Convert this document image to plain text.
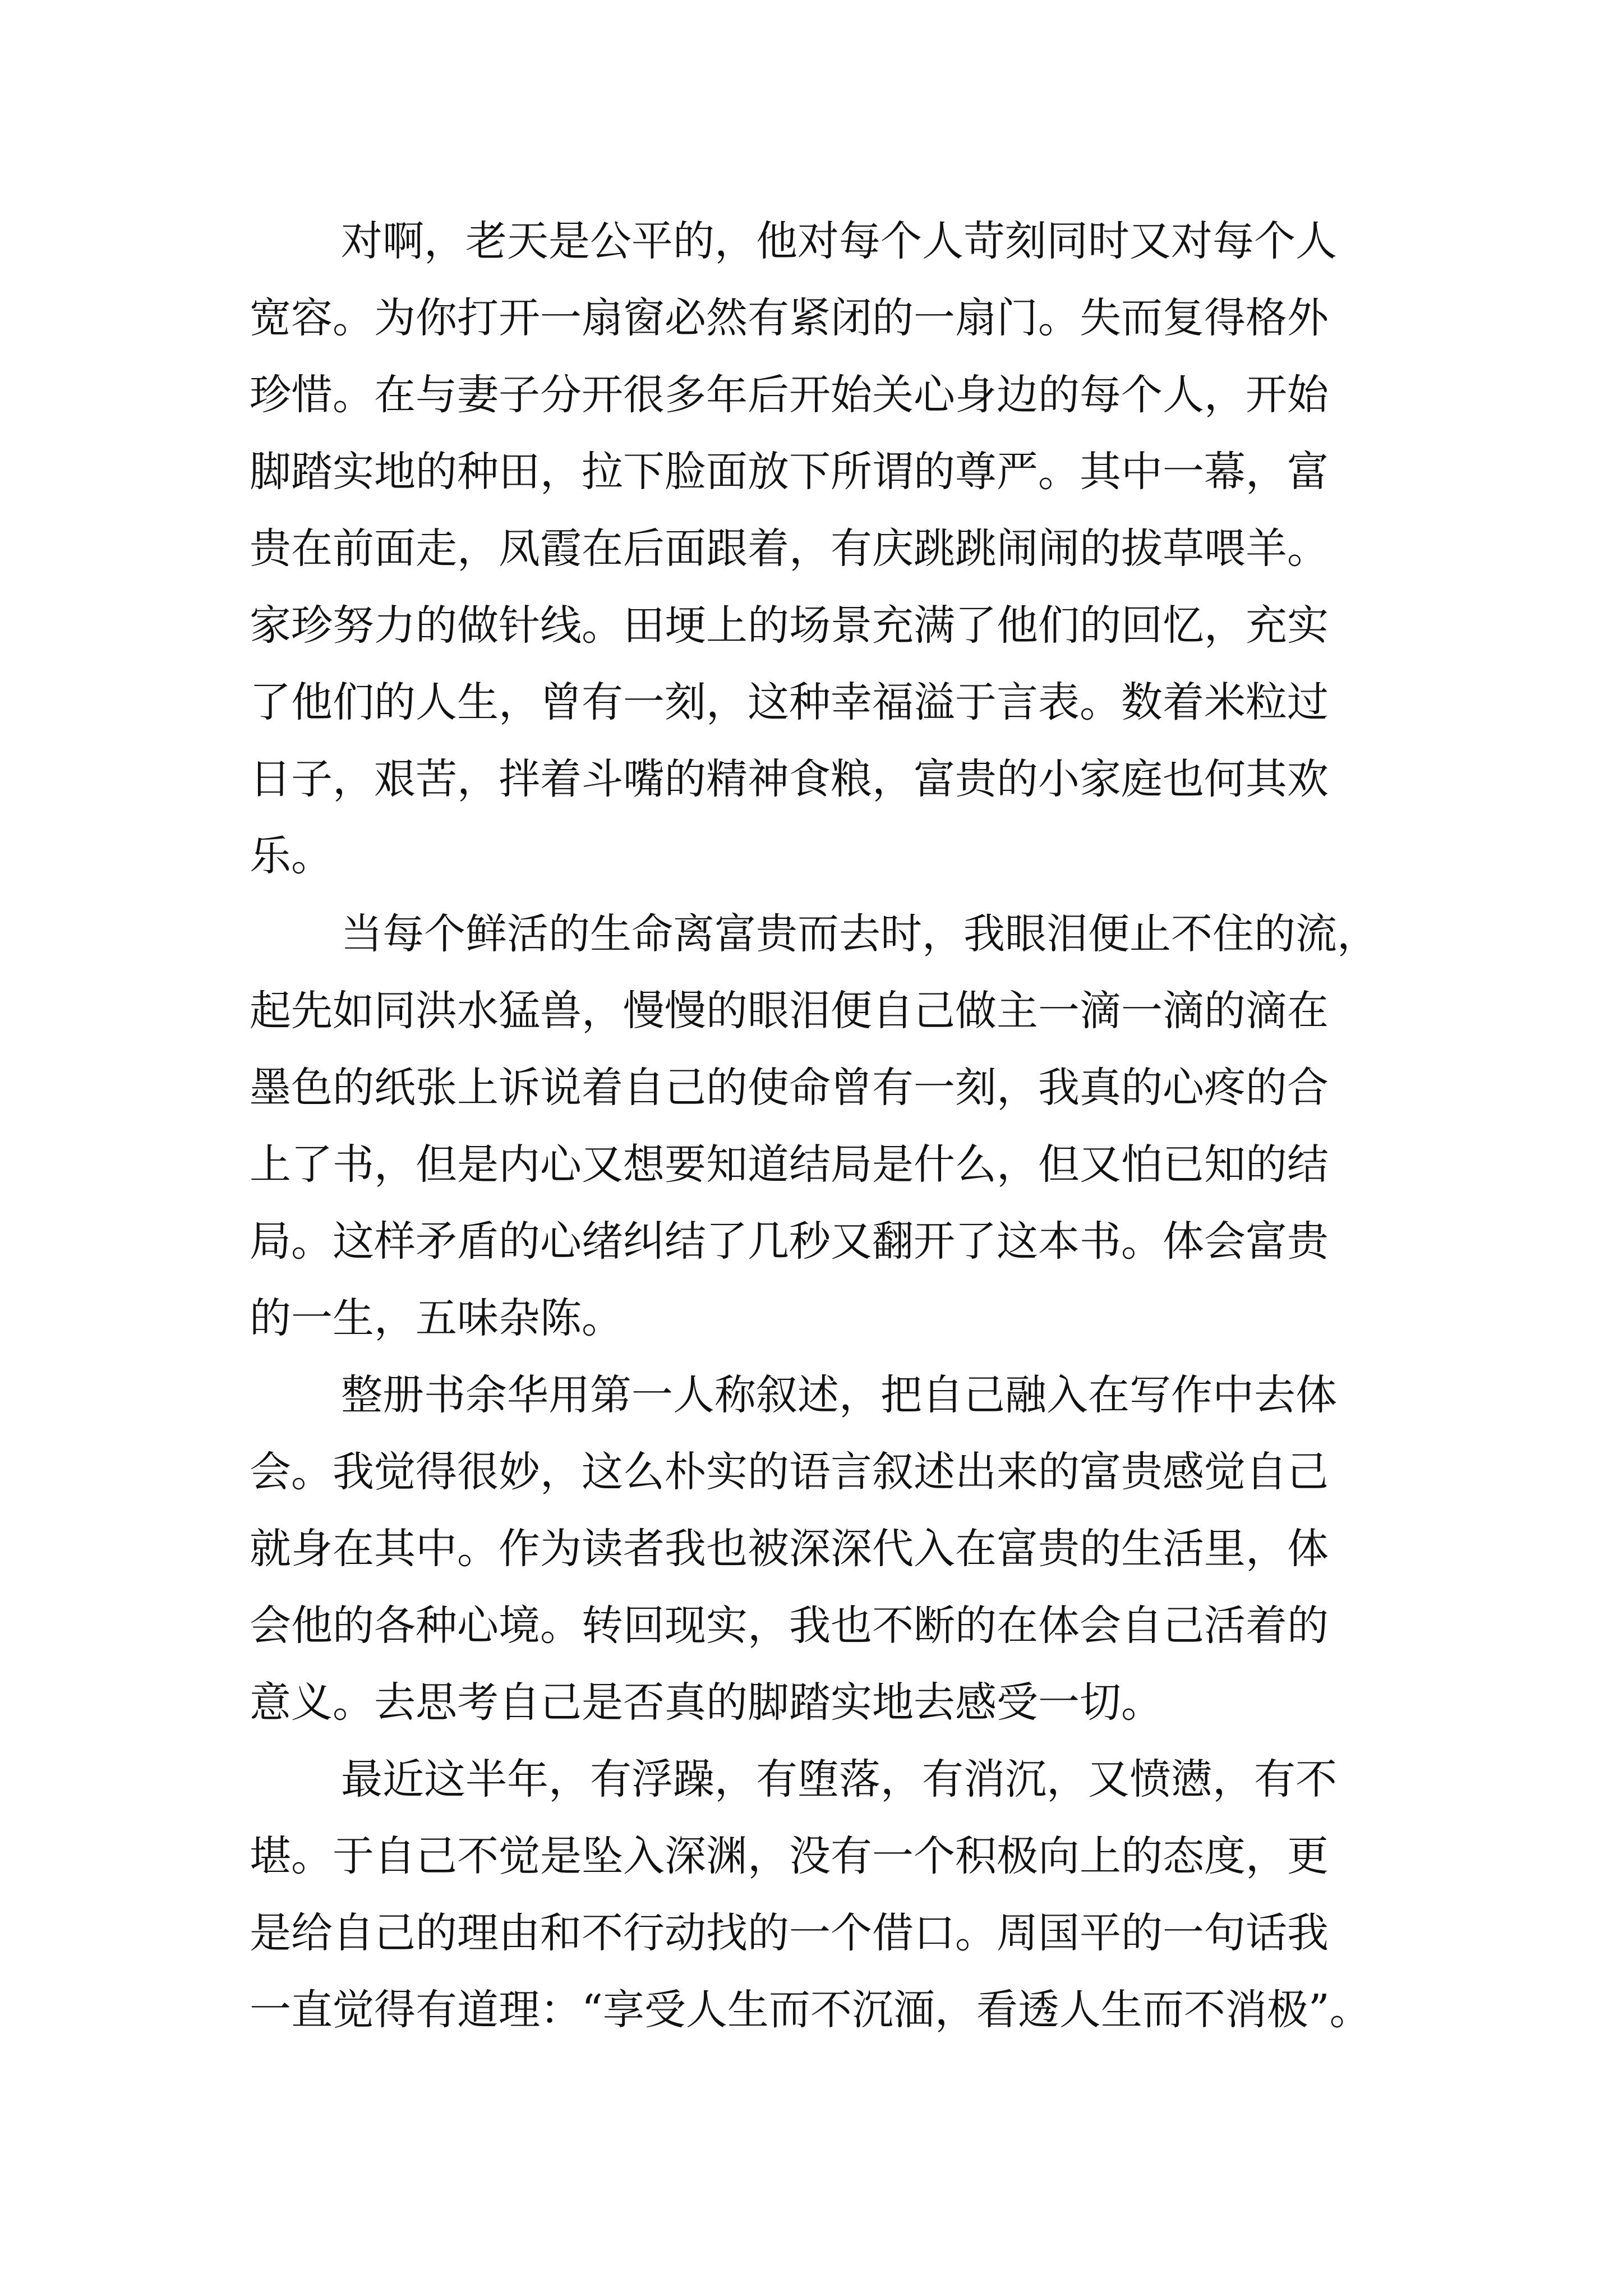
对啊，老天是公平的，他对每个人苛刻同时又对每个人
宽容。为你打开一扇窗必然有紧闭的一扇门。失而复得格外
珍惜。在与妻子分开很多年后开始关心身边的每个人，开始
脚踏实地的种田，拉下脸面放下所谓的尊严。其中一幕，富
贵在前面走，凤霞在后面跟着，有庆跳跳闹闹的拔草喂羊。
家珍努力的做针线。田埂上的场景充满了他们的回忆，充实
了他们的人生，曾有一刻，这种幸福溢于言表。数着米粒过
日子，艰苦，拌着斗嘴的精神食粮，富贵的小家庭也何其欢
乐。
当每个鲜活的生命离富贵而去时，我眼泪便止不住的流，
起先如同洪水猛兽，慢慢的眼泪便自己做主一滴一滴的滴在
墨色的纸张上诉说着自己的使命曾有一刻，我真的心疼的合
上了书，但是内心又想要知道结局是什么，但又怕已知的结
局。这样矛盾的心绪纠结了几秒又翻开了这本书。体会富贵
的一生，五味杂陈。
整册书余华用第一人称叙述，把自己融入在写作中去体
会。我觉得很妙，这么朴实的语言叙述出来的富贵感觉自己
就身在其中。作为读者我也被深深代入在富贵的生活里，体
会他的各种心境。转回现实，我也不断的在体会自己活着的
意义。去思考自己是否真的脚踏实地去感受一切。
最近这半年，有浮躁，有堕落，有消沉，又愤懑，有不
堪。于自己不觉是坠入深渊，没有一个积极向上的态度，更
是给自己的理由和不行动找的一个借口。周国平的一句话我
一直觉得有道理：“享受人生而不沉湎，看透人生而不消极”。
